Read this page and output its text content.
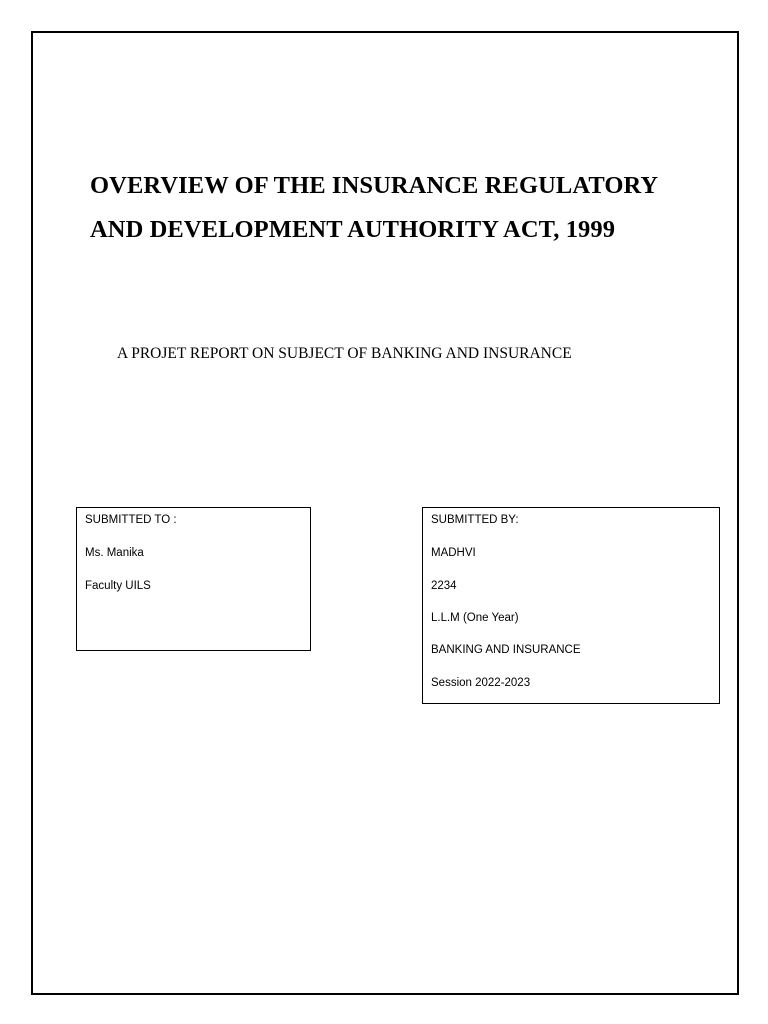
OVERVIEW OF THE INSURANCE REGULATORY
AND DEVELOPMENT AUTHORITY ACT, 1999
A PROJET REPORT ON SUBJECT OF BANKING AND INSURANCE
SUBMITTED TO :
Ms. Manika
Faculty UILS
SUBMITTED BY:
MADHVI
2234
L.L.M (One Year)
BANKING AND INSURANCE
Session 2022-2023
